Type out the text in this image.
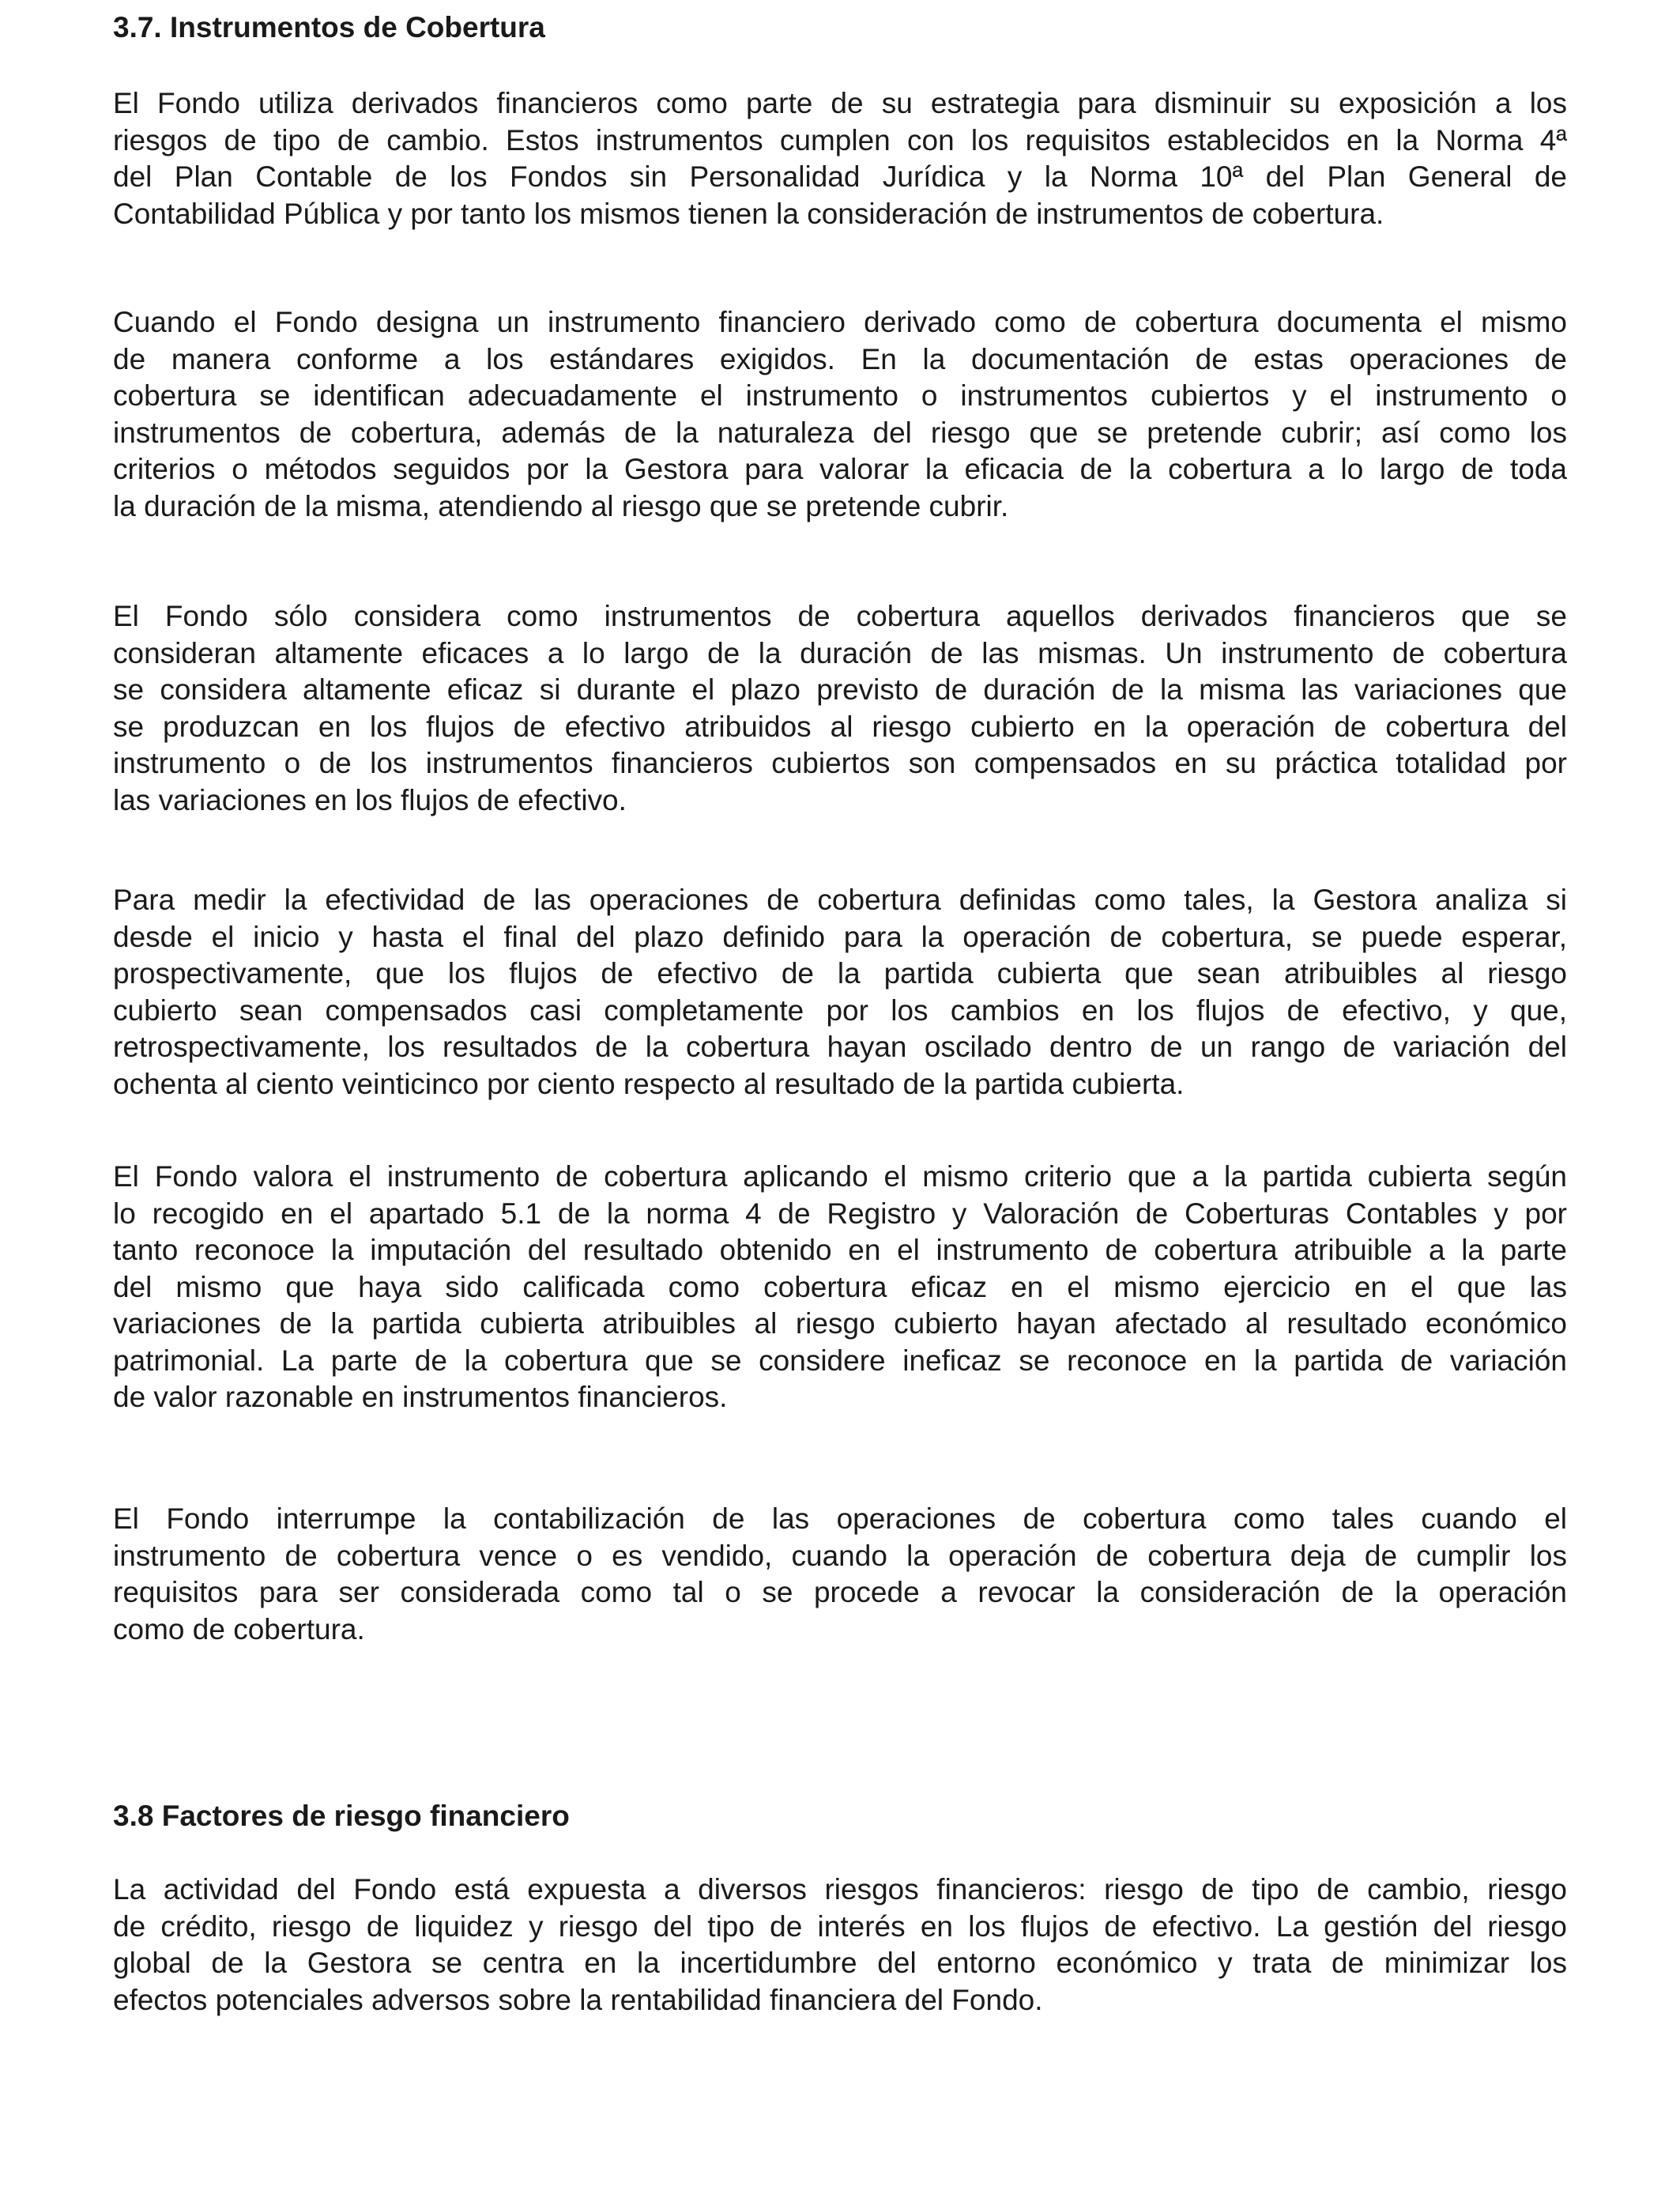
3.7. Instrumentos de Cobertura
El Fondo utiliza derivados financieros como parte de su estrategia para disminuir su exposición a los
riesgos de tipo de cambio. Estos instrumentos cumplen con los requisitos establecidos en la Norma 4ª
del Plan Contable de los Fondos sin Personalidad Jurídica y la Norma 10ª del Plan General de
Contabilidad Pública y por tanto los mismos tienen la consideración de instrumentos de cobertura.
Cuando el Fondo designa un instrumento financiero derivado como de cobertura documenta el mismo
de manera conforme a los estándares exigidos. En la documentación de estas operaciones de
cobertura se identifican adecuadamente el instrumento o instrumentos cubiertos y el instrumento o
instrumentos de cobertura, además de la naturaleza del riesgo que se pretende cubrir; así como los
criterios o métodos seguidos por la Gestora para valorar la eficacia de la cobertura a lo largo de toda
la duración de la misma, atendiendo al riesgo que se pretende cubrir.
El Fondo sólo considera como instrumentos de cobertura aquellos derivados financieros que se
consideran altamente eficaces a lo largo de la duración de las mismas. Un instrumento de cobertura
se considera altamente eficaz si durante el plazo previsto de duración de la misma las variaciones que
se produzcan en los flujos de efectivo atribuidos al riesgo cubierto en la operación de cobertura del
instrumento o de los instrumentos financieros cubiertos son compensados en su práctica totalidad por
las variaciones en los flujos de efectivo.
Para medir la efectividad de las operaciones de cobertura definidas como tales, la Gestora analiza si
desde el inicio y hasta el final del plazo definido para la operación de cobertura, se puede esperar,
prospectivamente, que los flujos de efectivo de la partida cubierta que sean atribuibles al riesgo
cubierto sean compensados casi completamente por los cambios en los flujos de efectivo, y que,
retrospectivamente, los resultados de la cobertura hayan oscilado dentro de un rango de variación del
ochenta al ciento veinticinco por ciento respecto al resultado de la partida cubierta.
El Fondo valora el instrumento de cobertura aplicando el mismo criterio que a la partida cubierta según
lo recogido en el apartado 5.1 de la norma 4 de Registro y Valoración de Coberturas Contables y por
tanto reconoce la imputación del resultado obtenido en el instrumento de cobertura atribuible a la parte
del mismo que haya sido calificada como cobertura eficaz en el mismo ejercicio en el que las
variaciones de la partida cubierta atribuibles al riesgo cubierto hayan afectado al resultado económico
patrimonial. La parte de la cobertura que se considere ineficaz se reconoce en la partida de variación
de valor razonable en instrumentos financieros.
El Fondo interrumpe la contabilización de las operaciones de cobertura como tales cuando el
instrumento de cobertura vence o es vendido, cuando la operación de cobertura deja de cumplir los
requisitos para ser considerada como tal o se procede a revocar la consideración de la operación
como de cobertura.
3.8 Factores de riesgo financiero
La actividad del Fondo está expuesta a diversos riesgos financieros: riesgo de tipo de cambio, riesgo
de crédito, riesgo de liquidez y riesgo del tipo de interés en los flujos de efectivo. La gestión del riesgo
global de la Gestora se centra en la incertidumbre del entorno económico y trata de minimizar los
efectos potenciales adversos sobre la rentabilidad financiera del Fondo.
